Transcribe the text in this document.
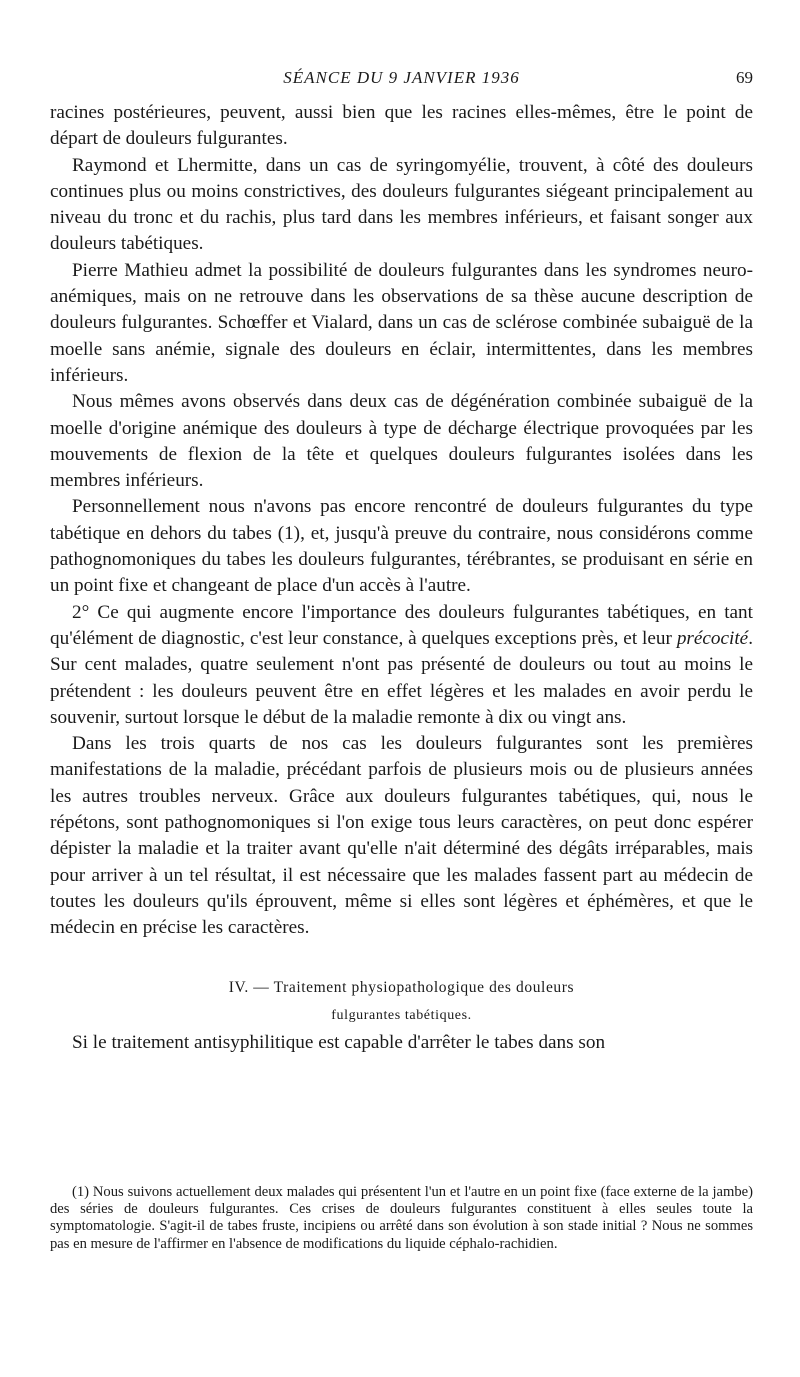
SÉANCE DU 9 JANVIER 1936	69

racines postérieures, peuvent, aussi bien que les racines elles-mêmes, être le point de départ de douleurs fulgurantes.

Raymond et Lhermitte, dans un cas de syringomyélie, trouvent, à côté des douleurs continues plus ou moins constrictives, des douleurs fulgurantes siégeant principalement au niveau du tronc et du rachis, plus tard dans les membres inférieurs, et faisant songer aux douleurs tabétiques.

Pierre Mathieu admet la possibilité de douleurs fulgurantes dans les syndromes neuro-anémiques, mais on ne retrouve dans les observations de sa thèse aucune description de douleurs fulgurantes. Schœffer et Vialard, dans un cas de sclérose combinée subaiguë de la moelle sans anémie, signale des douleurs en éclair, intermittentes, dans les membres inférieurs.

Nous mêmes avons observés dans deux cas de dégénération combinée subaiguë de la moelle d'origine anémique des douleurs à type de décharge électrique provoquées par les mouvements de flexion de la tête et quelques douleurs fulgurantes isolées dans les membres inférieurs.

Personnellement nous n'avons pas encore rencontré de douleurs fulgurantes du type tabétique en dehors du tabes (1), et, jusqu'à preuve du contraire, nous considérons comme pathognomoniques du tabes les douleurs fulgurantes, térébrantes, se produisant en série en un point fixe et changeant de place d'un accès à l'autre.

2° Ce qui augmente encore l'importance des douleurs fulgurantes tabétiques, en tant qu'élément de diagnostic, c'est leur constance, à quelques exceptions près, et leur précocité. Sur cent malades, quatre seulement n'ont pas présenté de douleurs ou tout au moins le prétendent : les douleurs peuvent être en effet légères et les malades en avoir perdu le souvenir, surtout lorsque le début de la maladie remonte à dix ou vingt ans.

Dans les trois quarts de nos cas les douleurs fulgurantes sont les premières manifestations de la maladie, précédant parfois de plusieurs mois ou de plusieurs années les autres troubles nerveux. Grâce aux douleurs fulgurantes tabétiques, qui, nous le répétons, sont pathognomoniques si l'on exige tous leurs caractères, on peut donc espérer dépister la maladie et la traiter avant qu'elle n'ait déterminé des dégâts irréparables, mais pour arriver à un tel résultat, il est nécessaire que les malades fassent part au médecin de toutes les douleurs qu'ils éprouvent, même si elles sont légères et éphémères, et que le médecin en précise les caractères.

IV. — Traitement physiopathologique des douleurs
fulgurantes tabétiques.

Si le traitement antisyphilitique est capable d'arrêter le tabes dans son

(1) Nous suivons actuellement deux malades qui présentent l'un et l'autre en un point fixe (face externe de la jambe) des séries de douleurs fulgurantes. Ces crises de douleurs fulgurantes constituent à elles seules toute la symptomatologie. S'agit-il de tabes fruste, incipiens ou arrêté dans son évolution à son stade initial ? Nous ne sommes pas en mesure de l'affirmer en l'absence de modifications du liquide céphalo-rachidien.
